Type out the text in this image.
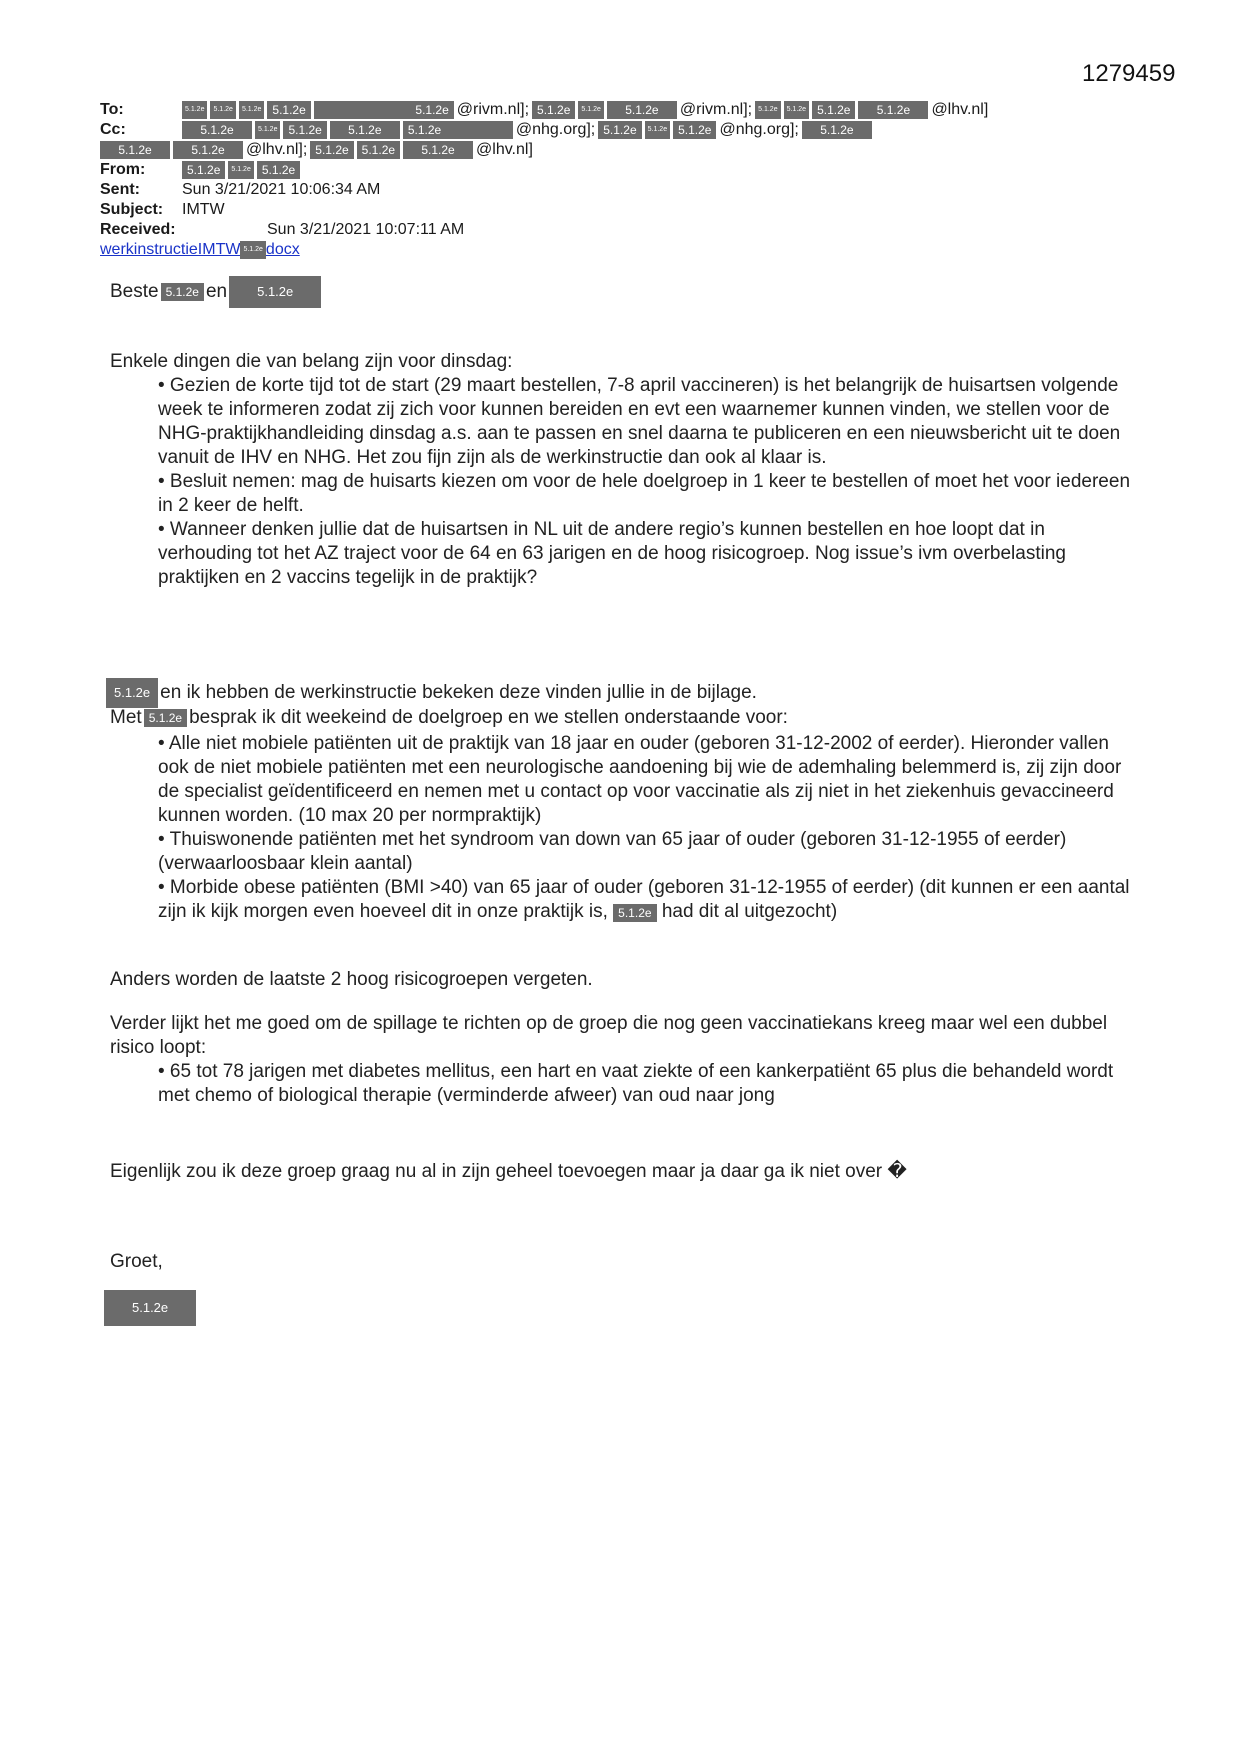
1279459
To:	5.1.2e	5.1.2e	5.1.2e 5.1.2e	5.1.2e @rivm.nl]; 5.1.2e	5.1.2e	5.1.2e	@rivm.nl]; 5.1.2e	5.1.2e 5.1.2e	5.1.2e	@lhv.nl]
Cc:	5.1.2e	5.1.2e 5.1.2e	5.1.2e	5.1.2e	@nhg.org]; 5.1.2e	5.1.2e 5.1.2e @nhg.org];	5.1.2e
5.1.2e	5.1.2e	@lhv.nl]; 5.1.2e	5.1.2e	5.1.2e	@lhv.nl]
From:	5.1.2e	5.1.2e 5.1.2e
Sent:	Sun 3/21/2021 10:06:34 AM
Subject:	IMTW
Received:	Sun 3/21/2021 10:07:11 AM
werkinstructieIMTW 5.1.2e docx
Beste 5.1.2e en	5.1.2e

Enkele dingen die van belang zijn voor dinsdag:

• Gezien de korte tijd tot de start (29 maart bestellen, 7-8 april vaccineren) is het belangrijk de huisartsen volgende week te informeren zodat zij zich voor kunnen bereiden en evt een waarnemer kunnen vinden, we stellen voor de NHG-praktijkhandleiding dinsdag a.s. aan te passen en snel daarna te publiceren en een nieuwsbericht uit te doen vanuit de IHV en NHG. Het zou fijn zijn als de werkinstructie dan ook al klaar is.
• Besluit nemen: mag de huisarts kiezen om voor de hele doelgroep in 1 keer te bestellen of moet het voor iedereen in 2 keer de helft.
• Wanneer denken jullie dat de huisartsen in NL uit de andere regio’s kunnen bestellen en hoe loopt dat in verhouding tot het AZ traject voor de 64 en 63 jarigen en de hoog risicogroep. Nog issue’s ivm overbelasting praktijken en 2 vaccins tegelijk in de praktijk?
5.1.2e en ik hebben de werkinstructie bekeken deze vinden jullie in de bijlage.
Met 5.1.2e besprak ik dit weekeind de doelgroep en we stellen onderstaande voor:
• Alle niet mobiele patiënten uit de praktijk van 18 jaar en ouder (geboren 31-12-2002 of eerder). Hieronder vallen ook de niet mobiele patiënten met een neurologische aandoening bij wie de ademhaling belemmerd is, zij zijn door de specialist geïdentificeerd en nemen met u contact op voor vaccinatie als zij niet in het ziekenhuis gevaccineerd kunnen worden. (10 max 20 per normpraktijk)
• Thuiswonende patiënten met het syndroom van down van 65 jaar of ouder (geboren 31-12-1955 of eerder) (verwaarloosbaar klein aantal)
• Morbide obese patiënten (BMI >40) van 65 jaar of ouder (geboren 31-12-1955 of eerder) (dit kunnen er een aantal zijn ik kijk morgen even hoeveel dit in onze praktijk is, 5.1.2e had dit al uitgezocht)

Anders worden de laatste 2 hoog risicogroepen vergeten.

Verder lijkt het me goed om de spillage te richten op de groep die nog geen vaccinatiekans kreeg maar wel een dubbel risico loopt:

• 65 tot 78 jarigen met diabetes mellitus, een hart en vaat ziekte of een kankerpatiënt 65 plus die behandeld wordt met chemo of biological therapie (verminderde afweer) van oud naar jong

Eigenlijk zou ik deze groep graag nu al in zijn geheel toevoegen maar ja daar ga ik niet over �

Groet,

5.1.2e
